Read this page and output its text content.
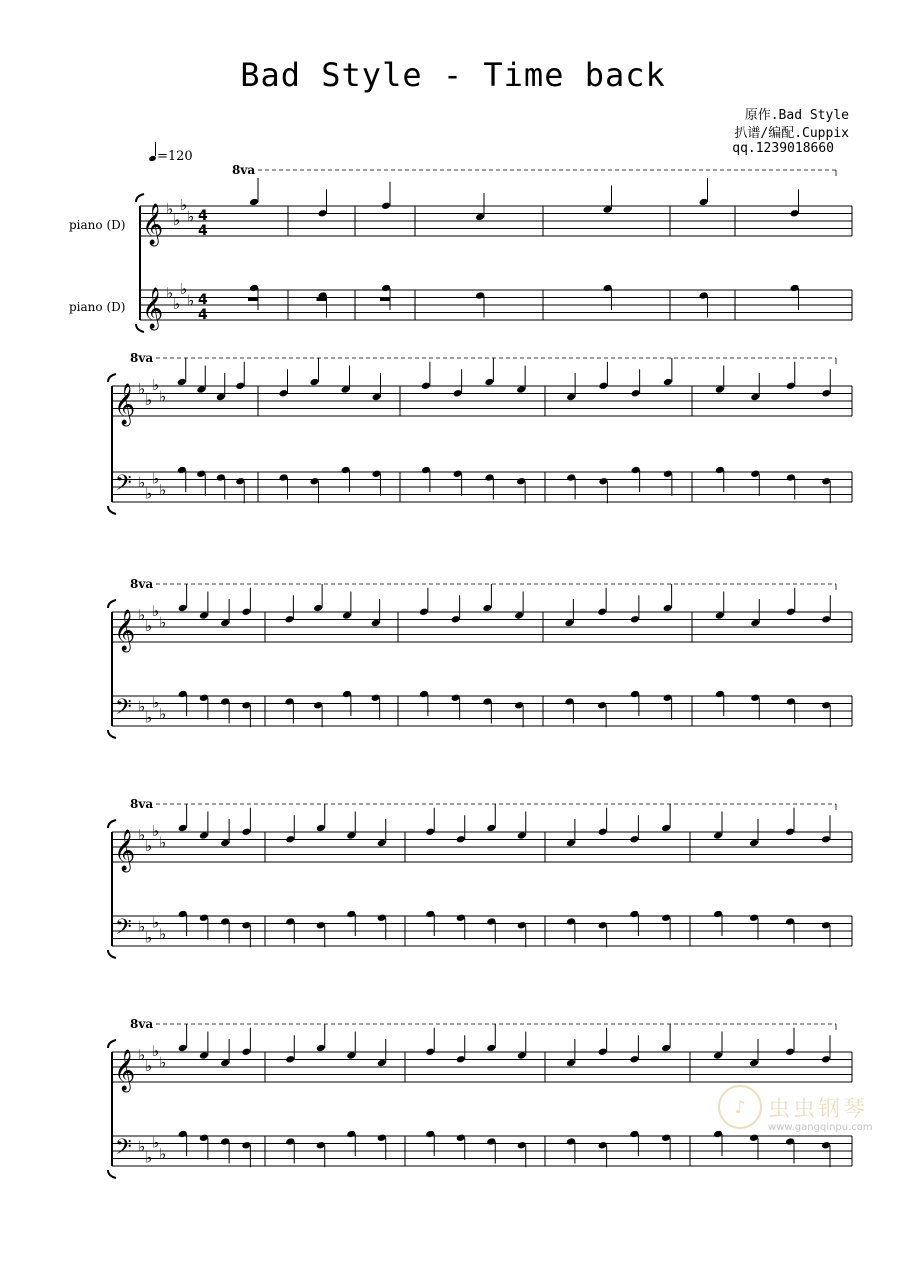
Bad Style - Time back
原作.Bad Style
扒谱/编配.Cuppix
qq.1239018660
=120
piano (D)
piano (D)
𝄞
𝄞
♭
♭
♭
♭
♭
♭
♭
♭
4
4
4
4
8va
𝄞
𝄢
♭
♭
♭
♭
♭
♭
♭
♭
8va
𝄞
𝄢
♭
♭
♭
♭
♭
♭
♭
♭
8va
𝄞
𝄢
♭
♭
♭
♭
♭
♭
♭
♭
8va
𝄞
𝄢
♭
♭
♭
♭
♭
♭
♭
♭
8va
♪	虫虫钢琴
www.gangqinpu.com
